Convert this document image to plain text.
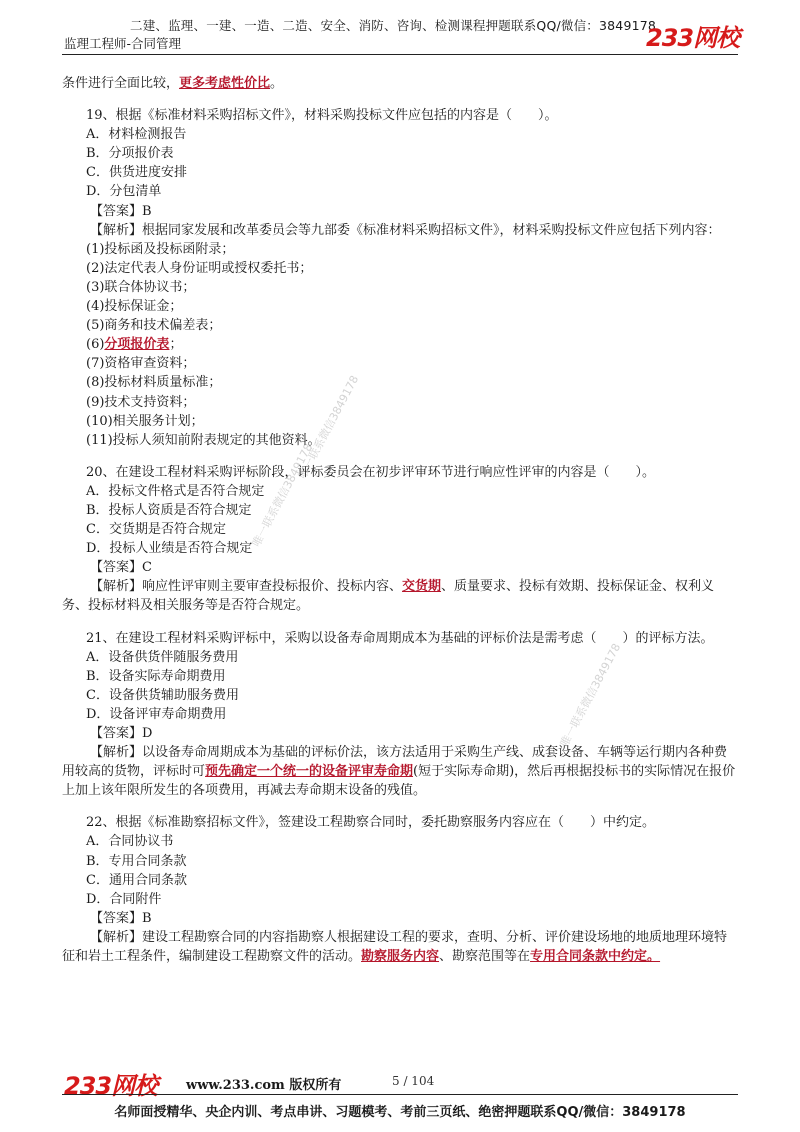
二建、监理、一建、一造、二造、安全、消防、咨询、检测课程押题联系QQ/微信：3849178
监理工程师-合同管理	233网校
唯一联系微信3849178
唯一联系微信3849178
唯一联系微信3849178

条件进行全面比较，更多考虑性价比。

19、根据《标准材料采购招标文件》，材料采购投标文件应包括的内容是（　　）。

A．材料检测报告

B．分项报价表

C．供货进度安排

D．分包清单

【答案】B

【解析】根据同家发展和改革委员会等九部委《标准材料采购招标文件》，材料采购投标文件应包括下列内容：

(1)投标函及投标函附录；

(2)法定代表人身份证明或授权委托书；

(3)联合体协议书；

(4)投标保证金；

(5)商务和技术偏差表；

(6)分项报价表；

(7)资格审查资料；

(8)投标材料质量标准；

(9)技术支持资料；

(10)相关服务计划；

(11)投标人须知前附表规定的其他资料。

20、在建设工程材料采购评标阶段，评标委员会在初步评审环节进行响应性评审的内容是（　　）。

A．投标文件格式是否符合规定

B．投标人资质是否符合规定

C．交货期是否符合规定

D．投标人业绩是否符合规定

【答案】C

【解析】响应性评审则主要审查投标报价、投标内容、交货期、质量要求、投标有效期、投标保证金、权利义务、投标材料及相关服务等是否符合规定。

21、在建设工程材料采购评标中，采购以设备寿命周期成本为基础的评标价法是需考虑（　　）的评标方法。

A．设备供货伴随服务费用

B．设备实际寿命期费用

C．设备供货辅助服务费用

D．设备评审寿命期费用

【答案】D

【解析】以设备寿命周期成本为基础的评标价法，该方法适用于采购生产线、成套设备、车辆等运行期内各种费用较高的货物，评标时可预先确定一个统一的设备评审寿命期(短于实际寿命期)，然后再根据投标书的实际情况在报价上加上该年限所发生的各项费用，再减去寿命期末设备的残值。

22、根据《标准勘察招标文件》，签建设工程勘察合同时，委托勘察服务内容应在（　　）中约定。

A．合同协议书

B．专用合同条款

C．通用合同条款

D．合同附件

【答案】B

【解析】建设工程勘察合同的内容指勘察人根据建设工程的要求，查明、分析、评价建设场地的地质地理环境特征和岩土工程条件，编制建设工程勘察文件的活动。勘察服务内容、勘察范围等在专用合同条款中约定。

233网校 www.233.com 版权所有	5 / 104
名师面授精华、央企内训、考点串讲、习题模考、考前三页纸、绝密押题联系QQ/微信：3849178
